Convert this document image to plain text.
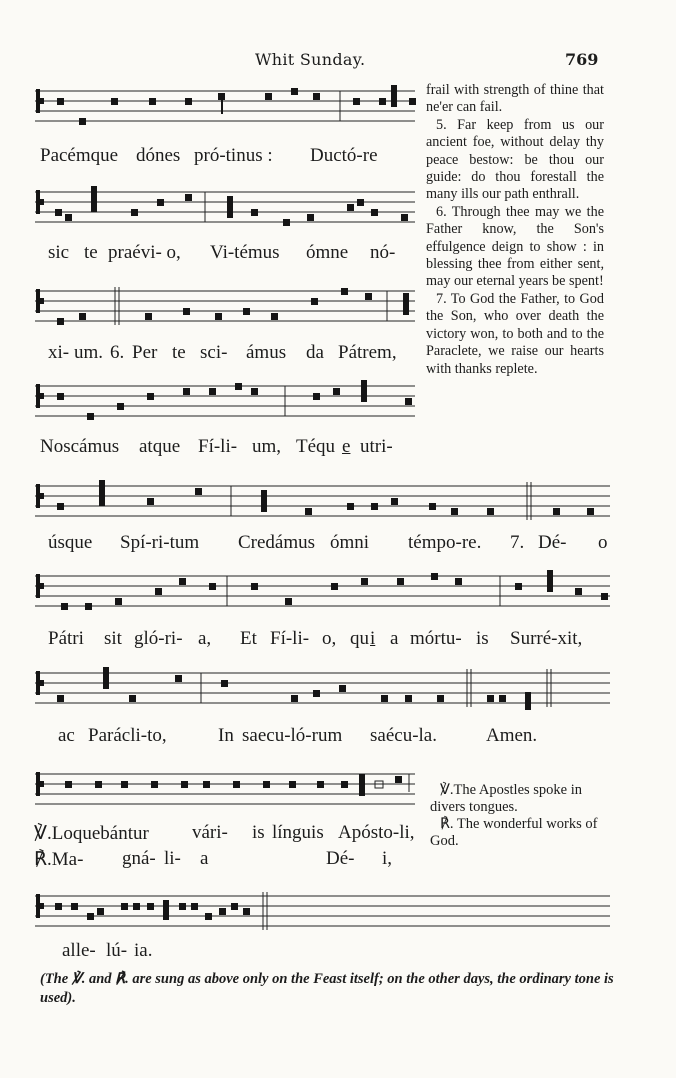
Whit Sunday.	769
Pacémque dónes pró-tinus : Ductó-re
sic te praévi- o, Vi-témus ómne nó-
xi- um. 6. Per te sci- ámus da Pátrem,
Noscámus atque Fí-li- um, Téqu e utri-

frail with strength of thine that ne'er can fail.

5. Far keep from us our ancient foe, without delay thy peace bestow: be thou our guide: do thou forestall the many ills our path enthrall.

6. Through thee may we the Father know, the Son's effulgence deign to show : in blessing thee from either sent, may our eternal years be spent!

7. To God the Father, to God the Son, who over death the victory won, to both and to the Paraclete, we raise our hearts with thanks replete.

úsque Spí-ri-tum Credámus ómni témpo-re. 7. Dé- o
Pátri sit gló-ri- a, Et Fí-li- o, qu i a mórtu- is Surré-xit,
ac Parácli-to,	In saecu-ló-rum saécu-la.	Amen.
℣.Loquebántur vári- is línguis Apósto-li,
℟.Ma- gná- li- a	Dé- i,

℣.The Apostles spoke in divers tongues.

℟. The wonderful works of God.

alle- lú- ia.
(The ℣. and ℟. are sung as above only on the Feast itself; on the other days, the ordinary tone is used).
